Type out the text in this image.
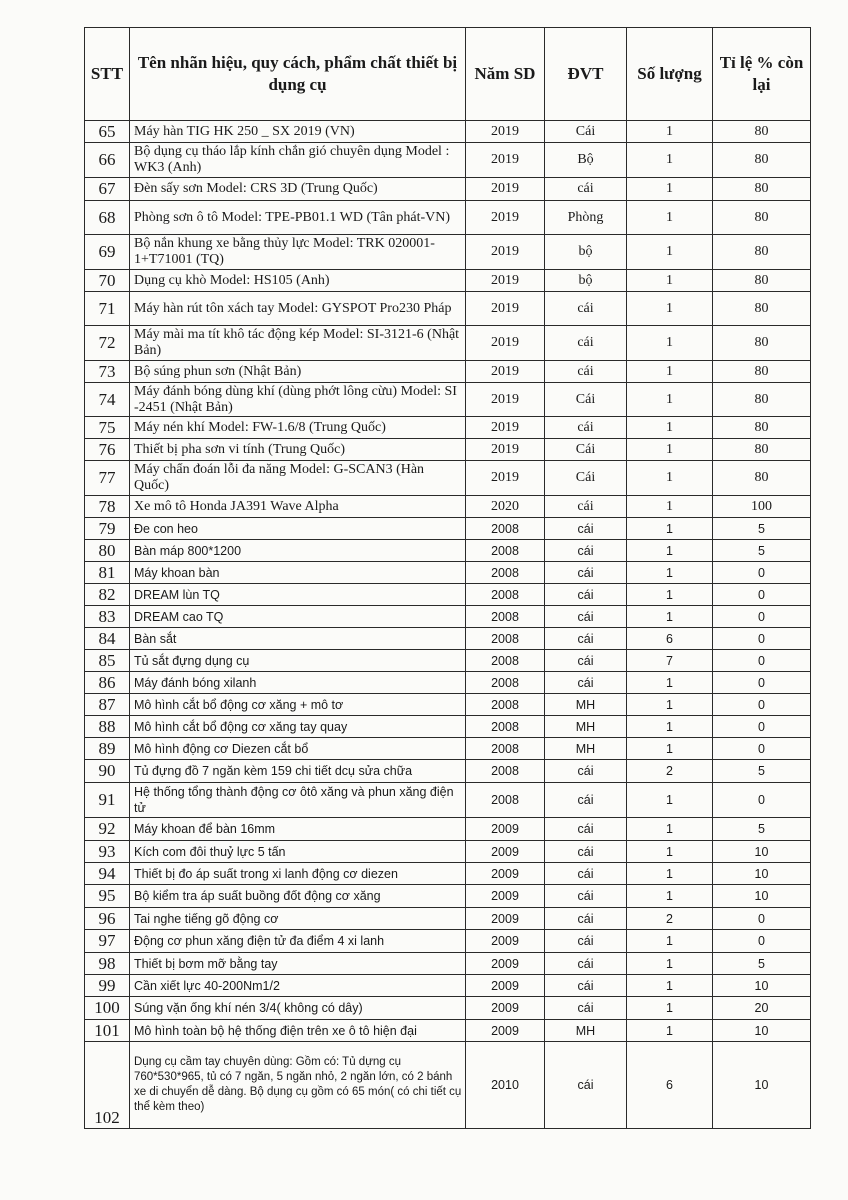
STT	Tên nhãn hiệu, quy cách, phẩm chất thiết bị dụng cụ	Năm SD	ĐVT	Số lượng	Tỉ lệ % còn lại
65	Máy hàn TIG HK 250 _ SX 2019 (VN)	2019	Cái	1	80
66	Bộ dụng cụ tháo lắp kính chắn gió chuyên dụng Model : WK3 (Anh)	2019	Bộ	1	80
67	Đèn sấy sơn Model: CRS 3D (Trung Quốc)	2019	cái	1	80
68	Phòng sơn ô tô Model: TPE-PB01.1 WD (Tân phát-VN)	2019	Phòng	1	80
69	Bộ nắn khung xe bằng thủy lực Model: TRK 020001-1+T71001 (TQ)	2019	bộ	1	80
70	Dụng cụ khò Model: HS105 (Anh)	2019	bộ	1	80
71	Máy hàn rút tôn xách tay Model: GYSPOT Pro230 Pháp	2019	cái	1	80
72	Máy mài ma tít khô tác động kép Model: SI-3121-6 (Nhật Bản)	2019	cái	1	80
73	Bộ súng phun sơn (Nhật Bản)	2019	cái	1	80
74	Máy đánh bóng dùng khí (dùng phớt lông cừu) Model: SI -2451 (Nhật Bản)	2019	Cái	1	80
75	Máy nén khí Model: FW-1.6/8 (Trung Quốc)	2019	cái	1	80
76	Thiết bị pha sơn vi tính (Trung Quốc)	2019	Cái	1	80
77	Máy chẩn đoán lỗi đa năng Model: G-SCAN3 (Hàn Quốc)	2019	Cái	1	80
78	Xe mô tô Honda JA391 Wave Alpha	2020	cái	1	100
79	Đe con heo	2008	cái	1	5
80	Bàn máp 800*1200	2008	cái	1	5
81	Máy khoan bàn	2008	cái	1	0
82	DREAM lùn TQ	2008	cái	1	0
83	DREAM cao TQ	2008	cái	1	0
84	Bàn sắt	2008	cái	6	0
85	Tủ sắt đựng dụng cụ	2008	cái	7	0
86	Máy đánh bóng xilanh	2008	cái	1	0
87	Mô hình cắt bổ động cơ xăng + mô tơ	2008	MH	1	0
88	Mô hình cắt bổ động cơ xăng tay quay	2008	MH	1	0
89	Mô hình động cơ Diezen cắt bổ	2008	MH	1	0
90	Tủ đựng đồ 7 ngăn kèm 159 chi tiết dcụ sửa chữa	2008	cái	2	5
91	Hệ thống tổng thành động cơ ôtô xăng và phun xăng điện tử	2008	cái	1	0
92	Máy khoan để bàn 16mm	2009	cái	1	5
93	Kích com đôi thuỷ lực 5 tấn	2009	cái	1	10
94	Thiết bị đo áp suất trong xi lanh động cơ diezen	2009	cái	1	10
95	Bộ kiểm tra áp suất buồng đốt động cơ xăng	2009	cái	1	10
96	Tai nghe tiếng gõ động cơ	2009	cái	2	0
97	Động cơ phun xăng điện tử đa điểm 4 xi lanh	2009	cái	1	0
98	Thiết bị bơm mỡ bằng tay	2009	cái	1	5
99	Cần xiết lực 40-200Nm1/2	2009	cái	1	10
100	Súng vặn ống khí nén 3/4( không có dây)	2009	cái	1	20
101	Mô hình toàn bộ hệ thống điện trên xe ô tô hiện đại	2009	MH	1	10
102	Dụng cụ cầm tay chuyên dùng: Gồm có: Tủ dựng cụ 760*530*965, tủ có 7 ngăn, 5 ngăn nhỏ, 2 ngăn lớn, có 2 bánh xe di chuyển dễ dàng. Bộ dụng cụ gồm có 65 món( có chi tiết cụ thể kèm theo)	2010	cái	6	10
